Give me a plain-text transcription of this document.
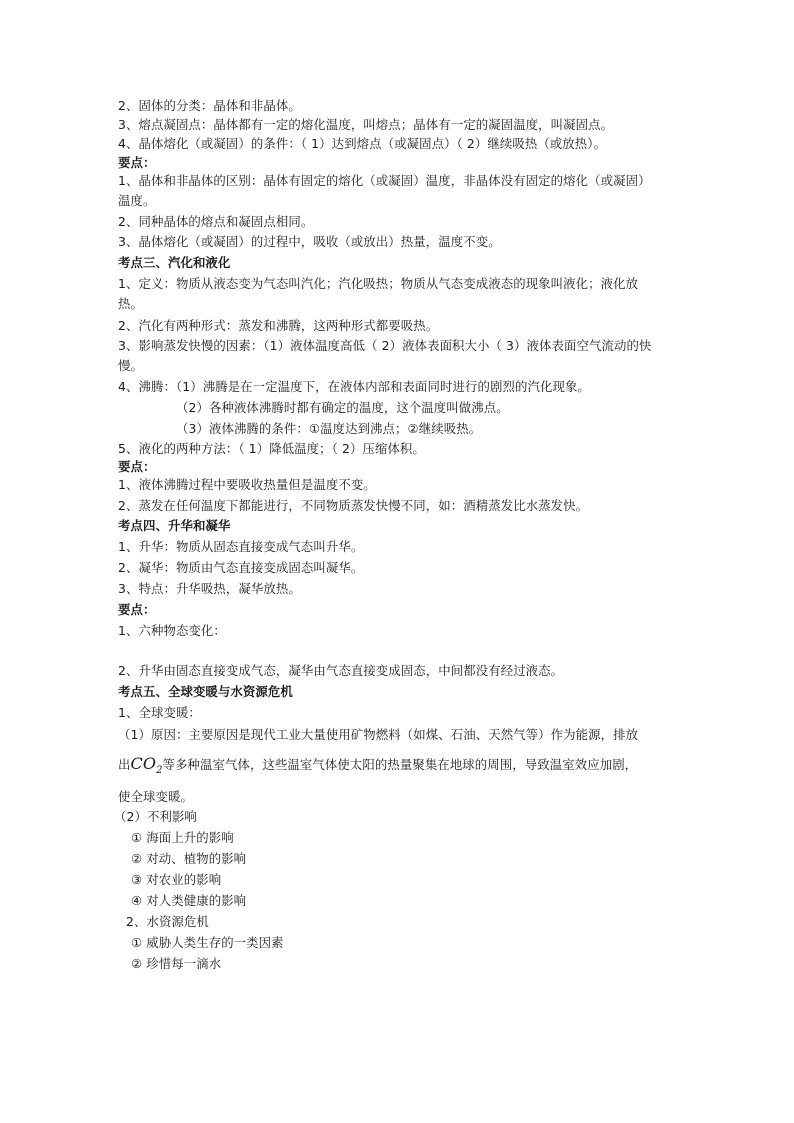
2、固体的分类：晶体和非晶体。
3、熔点凝固点：晶体都有一定的熔化温度，叫熔点；晶体有一定的凝固温度，叫凝固点。
4、晶体熔化（或凝固）的条件：（ 1）达到熔点（或凝固点）（ 2）继续吸热（或放热）。
要点：
1、晶体和非晶体的区别：晶体有固定的熔化（或凝固）温度，非晶体没有固定的熔化（或凝固）
温度。
2、同种晶体的熔点和凝固点相同。
3、晶体熔化（或凝固）的过程中，吸收（或放出）热量，温度不变。
考点三、汽化和液化
1、定义：物质从液态变为气态叫汽化；汽化吸热；物质从气态变成液态的现象叫液化；液化放
热。
2、汽化有两种形式：蒸发和沸腾，这两种形式都要吸热。
3、影响蒸发快慢的因素：（1）液体温度高低（ 2）液体表面积大小（ 3）液体表面空气流动的快
慢。
4、沸腾：（1）沸腾是在一定温度下，在液体内部和表面同时进行的剧烈的汽化现象。
（2）各种液体沸腾时都有确定的温度，这个温度叫做沸点。
（3）液体沸腾的条件：①温度达到沸点；②继续吸热。
5、液化的两种方法：（ 1）降低温度；（ 2）压缩体积。
要点：
1、液体沸腾过程中要吸收热量但是温度不变。
2、蒸发在任何温度下都能进行，不同物质蒸发快慢不同，如：酒精蒸发比水蒸发快。
考点四、升华和凝华
1、升华：物质从固态直接变成气态叫升华。
2、凝华：物质由气态直接变成固态叫凝华。
3、特点：升华吸热，凝华放热。
要点：
1、六种物态变化：
2、升华由固态直接变成气态，凝华由气态直接变成固态，中间都没有经过液态。
考点五、全球变暖与水资源危机
1、全球变暖：
（1）原因：主要原因是现代工业大量使用矿物燃料（如煤、石油、天然气等）作为能源，排放
出$CO_2$等多种温室气体，这些温室气体使太阳的热量聚集在地球的周围，导致温室效应加剧，
使全球变暖。
（2）不利影响
① 海面上升的影响
② 对动、植物的影响
③ 对农业的影响
④ 对人类健康的影响
2、水资源危机
① 威胁人类生存的一类因素
② 珍惜每一滴水
